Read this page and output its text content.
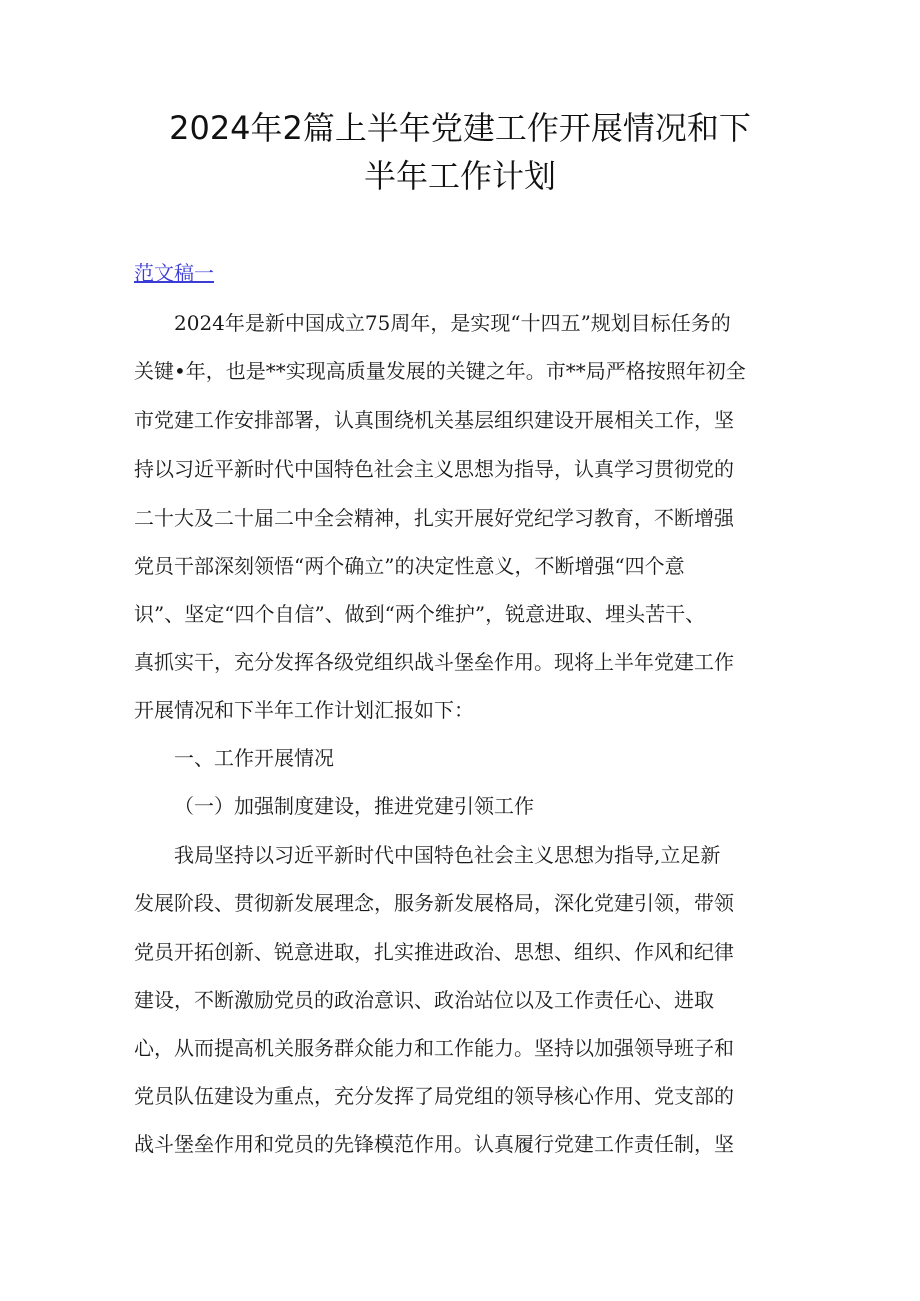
2024年2篇上半年党建工作开展情况和下
半年工作计划
范文稿一
2024年是新中国成立75周年，是实现“十四五”规划目标任务的
关键•年，也是**实现高质量发展的关键之年。市**局严格按照年初全
市党建工作安排部署，认真围绕机关基层组织建设开展相关工作，坚
持以习近平新时代中国特色社会主义思想为指导，认真学习贯彻党的
二十大及二十届二中全会精神，扎实开展好党纪学习教育，不断增强
党员干部深刻领悟“两个确立”的决定性意义，不断增强“四个意
识”、坚定“四个自信”、做到“两个维护”，锐意进取、埋头苦干、
真抓实干，充分发挥各级党组织战斗堡垒作用。现将上半年党建工作
开展情况和下半年工作计划汇报如下：
一、工作开展情况
（一）加强制度建设，推进党建引领工作
我局坚持以习近平新时代中国特色社会主义思想为指导,立足新
发展阶段、贯彻新发展理念，服务新发展格局，深化党建引领，带领
党员开拓创新、锐意进取，扎实推进政治、思想、组织、作风和纪律
建设，不断激励党员的政治意识、政治站位以及工作责任心、进取
心，从而提高机关服务群众能力和工作能力。坚持以加强领导班子和
党员队伍建设为重点，充分发挥了局党组的领导核心作用、党支部的
战斗堡垒作用和党员的先锋模范作用。认真履行党建工作责任制，坚
